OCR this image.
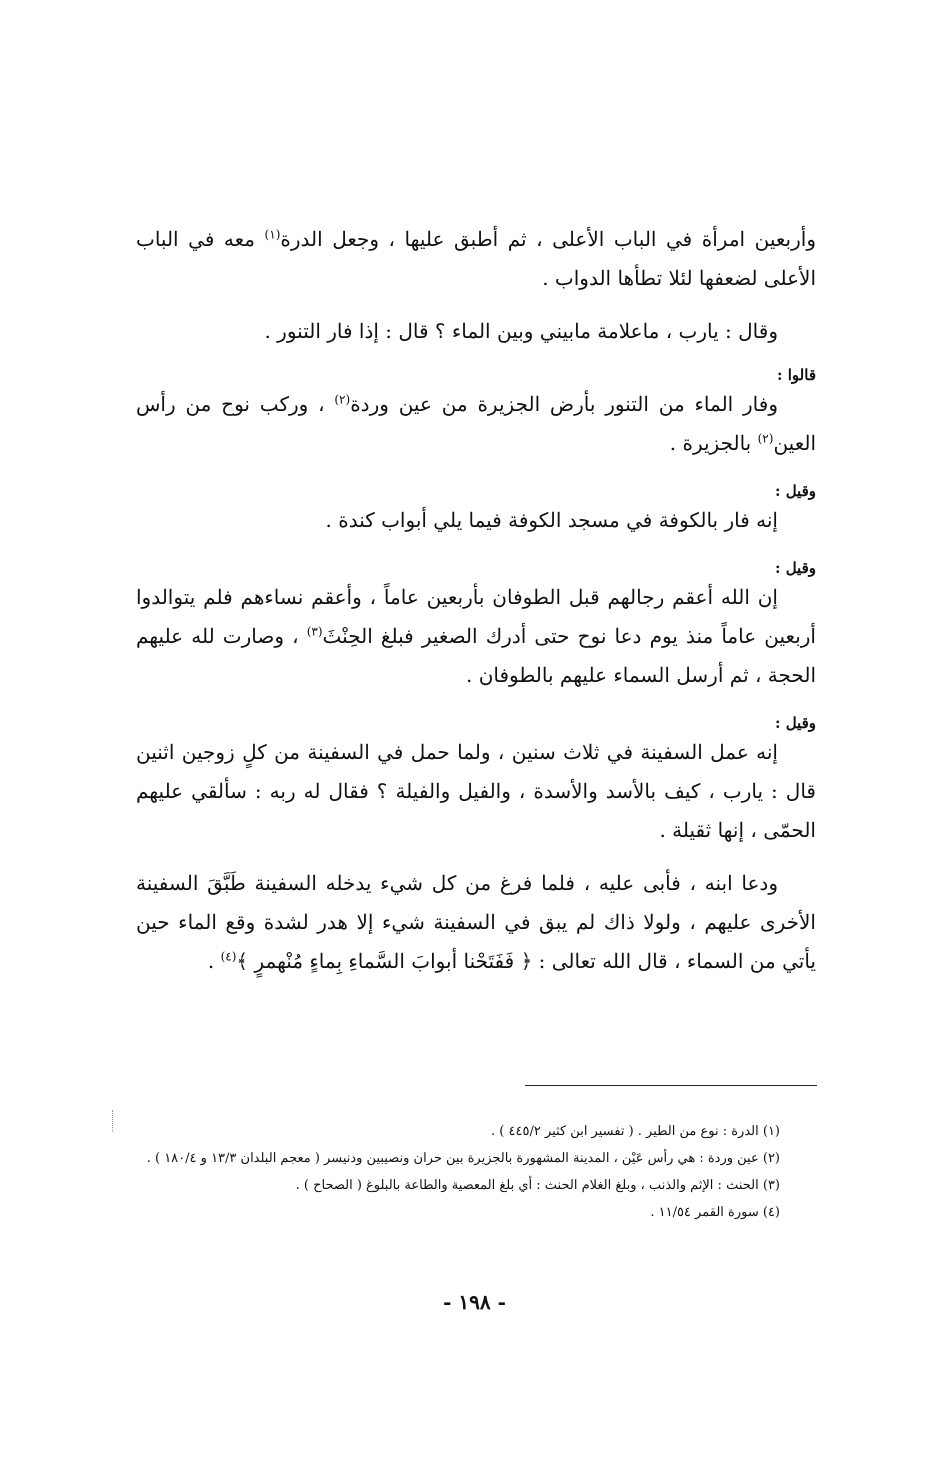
وأربعين امرأة في الباب الأعلى ، ثم أطبق عليها ، وجعل الدرة$^{(١)}$ معه في الباب الأعلى لضعفها لئلا تطأها الدواب .

وقال : يارب ، ماعلامة مابيني وبين الماء ؟ قال : إذا فار التنور .

قالوا :

وفار الماء من التنور بأرض الجزيرة من عين وردة$^{(٢)}$ ، وركب نوح من رأس العين$^{(٢)}$ بالجزيرة .

وقيل :

إنه فار بالكوفة في مسجد الكوفة فيما يلي أبواب كندة .

وقيل :

إن الله أعقم رجالهم قبل الطوفان بأربعين عاماً ، وأعقم نساءهم فلم يتوالدوا أربعين عاماً منذ يوم دعا نوح حتى أدرك الصغير فبلغ الحِنْثَ$^{(٣)}$ ، وصارت لله عليهم الحجة ، ثم أرسل السماء عليهم بالطوفان .

وقيل :

إنه عمل السفينة في ثلاث سنين ، ولما حمل في السفينة من كلٍ زوجين اثنين قال : يارب ، كيف بالأسد والأسدة ، والفيل والفيلة ؟ فقال له ربه : سألقي عليهم الحمّى ، إنها ثقيلة .

ودعا ابنه ، فأبى عليه ، فلما فرغ من كل شيء يدخله السفينة طَبَّقَ السفينة الأخرى عليهم ، ولولا ذاك لم يبق في السفينة شيء إلا هدر لشدة وقع الماء حين يأتي من السماء ، قال الله تعالى : ﴿ فَفَتَحْنا أبوابَ السَّماءِ بِماءٍ مُنْهمرٍ ﴾$^{(٤)}$ .

(١) الدرة : نوع من الطير . ( تفسير ابن كثير ٤٤٥/٢ ) .

(٢) عين وردة : هي رأس عَيْن ، المدينة المشهورة بالجزيرة بين حران ونصيبين ودنيسر ( معجم البلدان ١٣/٣ و ١٨٠/٤ ) .

(٣) الحنث : الإثم والذنب ، وبلغ الغلام الحنث : أي بلغ المعصية والطاعة بالبلوغ ( الصحاح ) .

(٤) سورة القمر ١١/٥٤ .

- ١٩٨ -
